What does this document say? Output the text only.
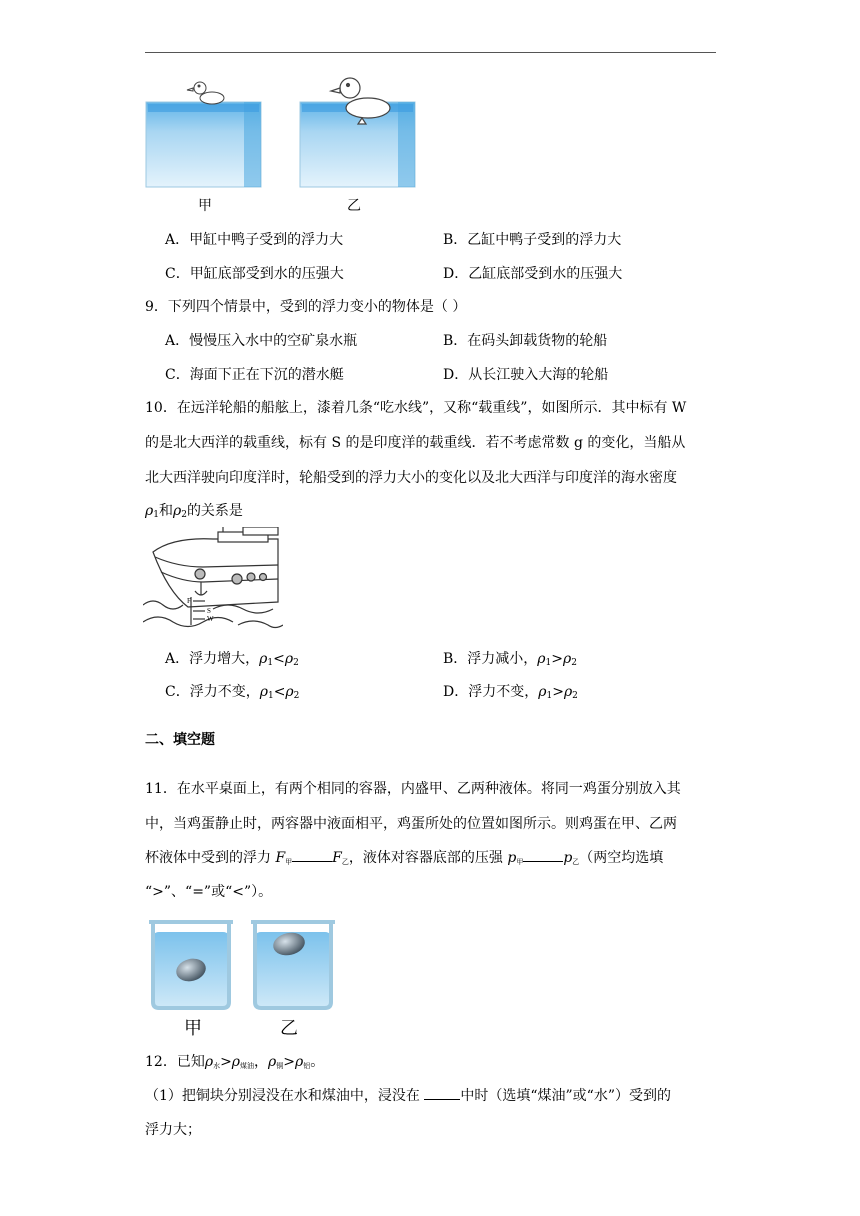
甲	乙
A．甲缸中鸭子受到的浮力大	B．乙缸中鸭子受到的浮力大
C．甲缸底部受到水的压强大	D．乙缸底部受到水的压强大
9．下列四个情景中，受到的浮力变小的物体是（ ）
A．慢慢压入水中的空矿泉水瓶	B．在码头卸载货物的轮船
C．海面下正在下沉的潜水艇	D．从长江驶入大海的轮船
10．在远洋轮船的船舷上，漆着几条“吃水线”，又称“载重线”，如图所示．其中标有 W
的是北大西洋的载重线，标有 S 的是印度洋的载重线．若不考虑常数 g 的变化，当船从
北大西洋驶向印度洋时，轮船受到的浮力大小的变化以及北大西洋与印度洋的海水密度
$\rho_1$和$\rho_2$的关系是
F
S
W
A．浮力增大，$\rho_1<\rho_2$	B．浮力减小，$\rho_1>\rho_2$
C．浮力不变，$\rho_1<\rho_2$	D．浮力不变，$\rho_1>\rho_2$
二、填空题
11．在水平桌面上，有两个相同的容器，内盛甲、乙两种液体。将同一鸡蛋分别放入其
中，当鸡蛋静止时，两容器中液面相平，鸡蛋所处的位置如图所示。则鸡蛋在甲、乙两
杯液体中受到的浮力 $F_甲$	$F_乙$，液体对容器底部的压强 $p_甲$	$p_乙$（两空均选填
“>”、“=”或“<”）。
甲	乙
12．已知$\rho_水>\rho_{煤油}$，$\rho_铜>\rho_铝$。
（1）把铜块分别浸没在水和煤油中，浸没在	中时（选填“煤油”或“水”）受到的
浮力大；
